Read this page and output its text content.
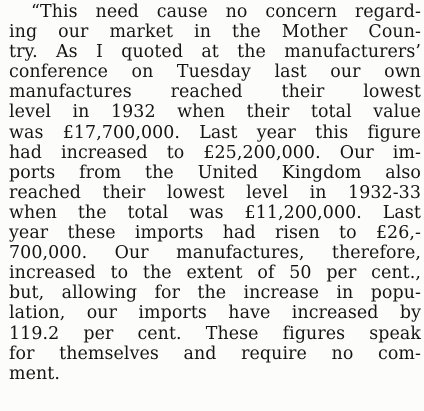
“This need cause no concern regard-
ing our market in the Mother Coun-
try. As I quoted at the manufacturers’
conference on Tuesday last our own
manufactures reached their lowest
level in 1932 when their total value
was £17,700,000. Last year this figure
had increased to £25,200,000. Our im-
ports from the United Kingdom also
reached their lowest level in 1932-33
when the total was £11,200,000. Last
year these imports had risen to £26,-
700,000. Our manufactures, therefore,
increased to the extent of 50 per cent.,
but, allowing for the increase in popu-
lation, our imports have increased by
119.2 per cent. These figures speak
for themselves and require no com-
ment.
